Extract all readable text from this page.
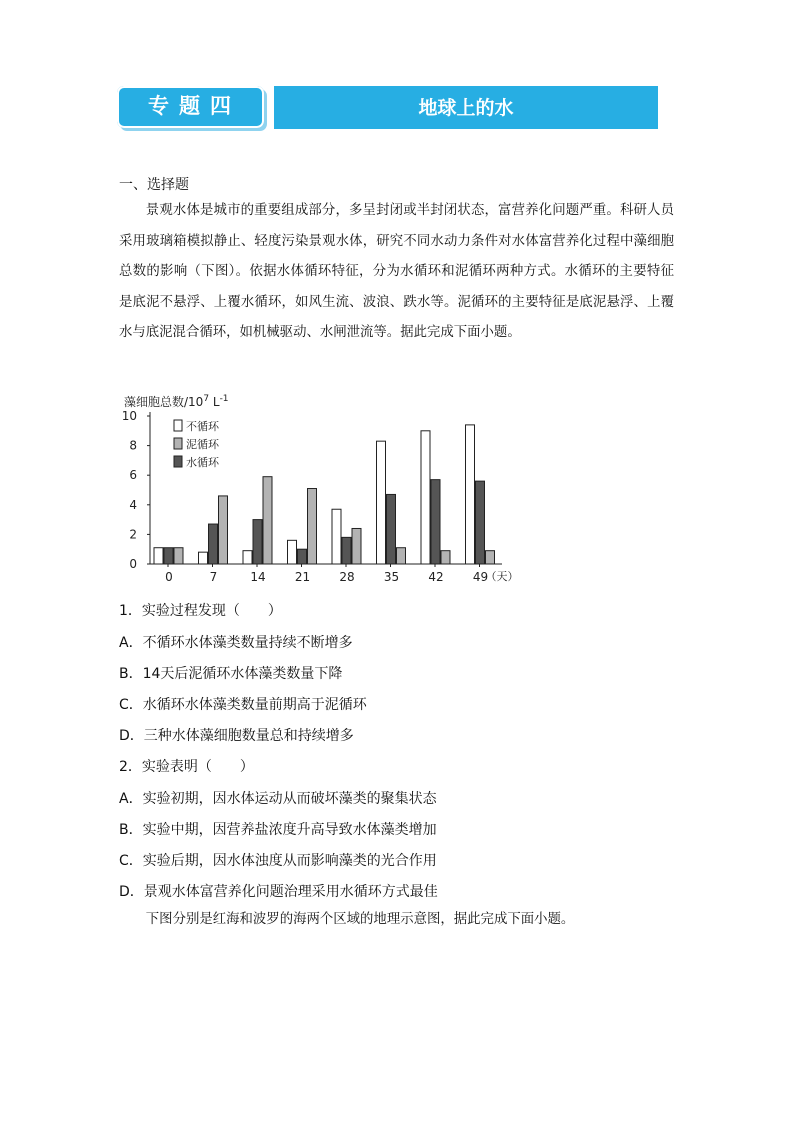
专题四	地球上的水
一、选择题
景观水体是城市的重要组成部分，多呈封闭或半封闭状态，富营养化问题严重。科研人员采用玻璃箱模拟静止、轻度污染景观水体，研究不同水动力条件对水体富营养化过程中藻细胞总数的影响（下图）。依据水体循环特征，分为水循环和泥循环两种方式。水循环的主要特征是底泥不悬浮、上覆水循环，如风生流、波浪、跌水等。泥循环的主要特征是底泥悬浮、上覆水与底泥混合循环，如机械驱动、水闸泄流等。据此完成下面小题。
藻细胞总数$/10^7$ $L^{-1}$
0
2
4
6
8
10
0	7	14 21 28 35 42 49
（天）
不循环
泥循环
水循环
1．实验过程发现（　　）
A．不循环水体藻类数量持续不断增多
B．14天后泥循环水体藻类数量下降
C．水循环水体藻类数量前期高于泥循环
D．三种水体藻细胞数量总和持续增多
2．实验表明（　　）
A．实验初期，因水体运动从而破坏藻类的聚集状态
B．实验中期，因营养盐浓度升高导致水体藻类增加
C．实验后期，因水体浊度从而影响藻类的光合作用
D．景观水体富营养化问题治理采用水循环方式最佳
下图分别是红海和波罗的海两个区域的地理示意图，据此完成下面小题。
